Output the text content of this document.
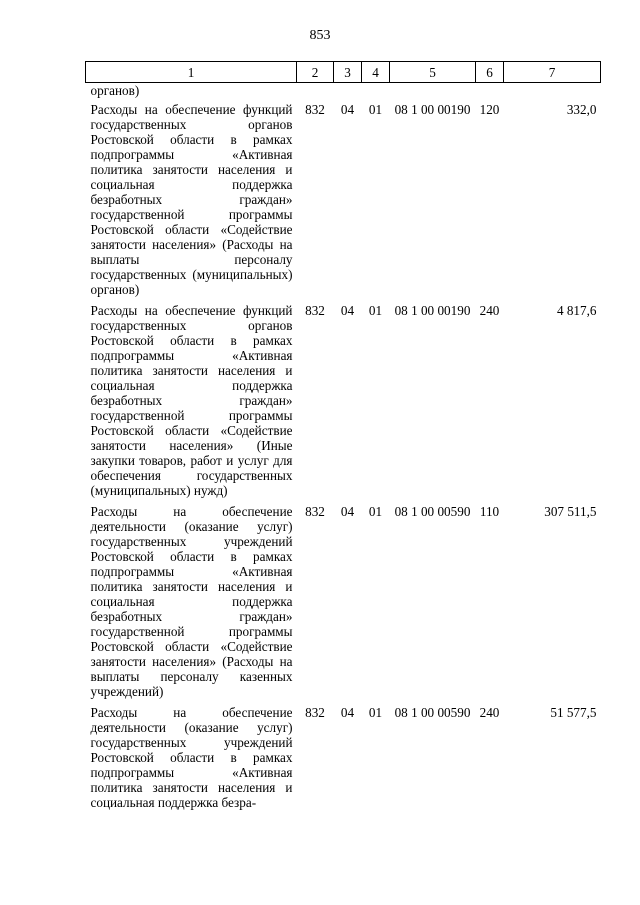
853
1	2	3	4	5	6	7
органов)						
Расходы на обеспечение функций государственных органов Ростовской области в рамках подпрограммы «Активная политика занятости населения и социальная поддержка безработных граждан» государственной программы Ростовской области «Содействие занятости населения» (Расходы на выплаты персоналу государственных (муниципальных) органов)	832	04	01	08 1 00 00190	120	332,0
Расходы на обеспечение функций государственных органов Ростовской области в рамках подпрограммы «Активная политика занятости населения и социальная поддержка безработных граждан» государственной программы Ростовской области «Содействие занятости населения» (Иные закупки товаров, работ и услуг для обеспечения государственных (муниципальных) нужд)	832	04	01	08 1 00 00190	240	4 817,6
Расходы на обеспечение деятельности (оказание услуг) государственных учреждений Ростовской области в рамках подпрограммы «Активная политика занятости населения и социальная поддержка безработных граждан» государственной программы Ростовской области «Содействие занятости населения» (Расходы на выплаты персоналу казенных учреждений)	832	04	01	08 1 00 00590	110	307 511,5
Расходы на обеспечение деятельности (оказание услуг) государственных учреждений Ростовской области в рамках подпрограммы «Активная политика занятости населения и социальная поддержка безра-	832	04	01	08 1 00 00590	240	51 577,5
